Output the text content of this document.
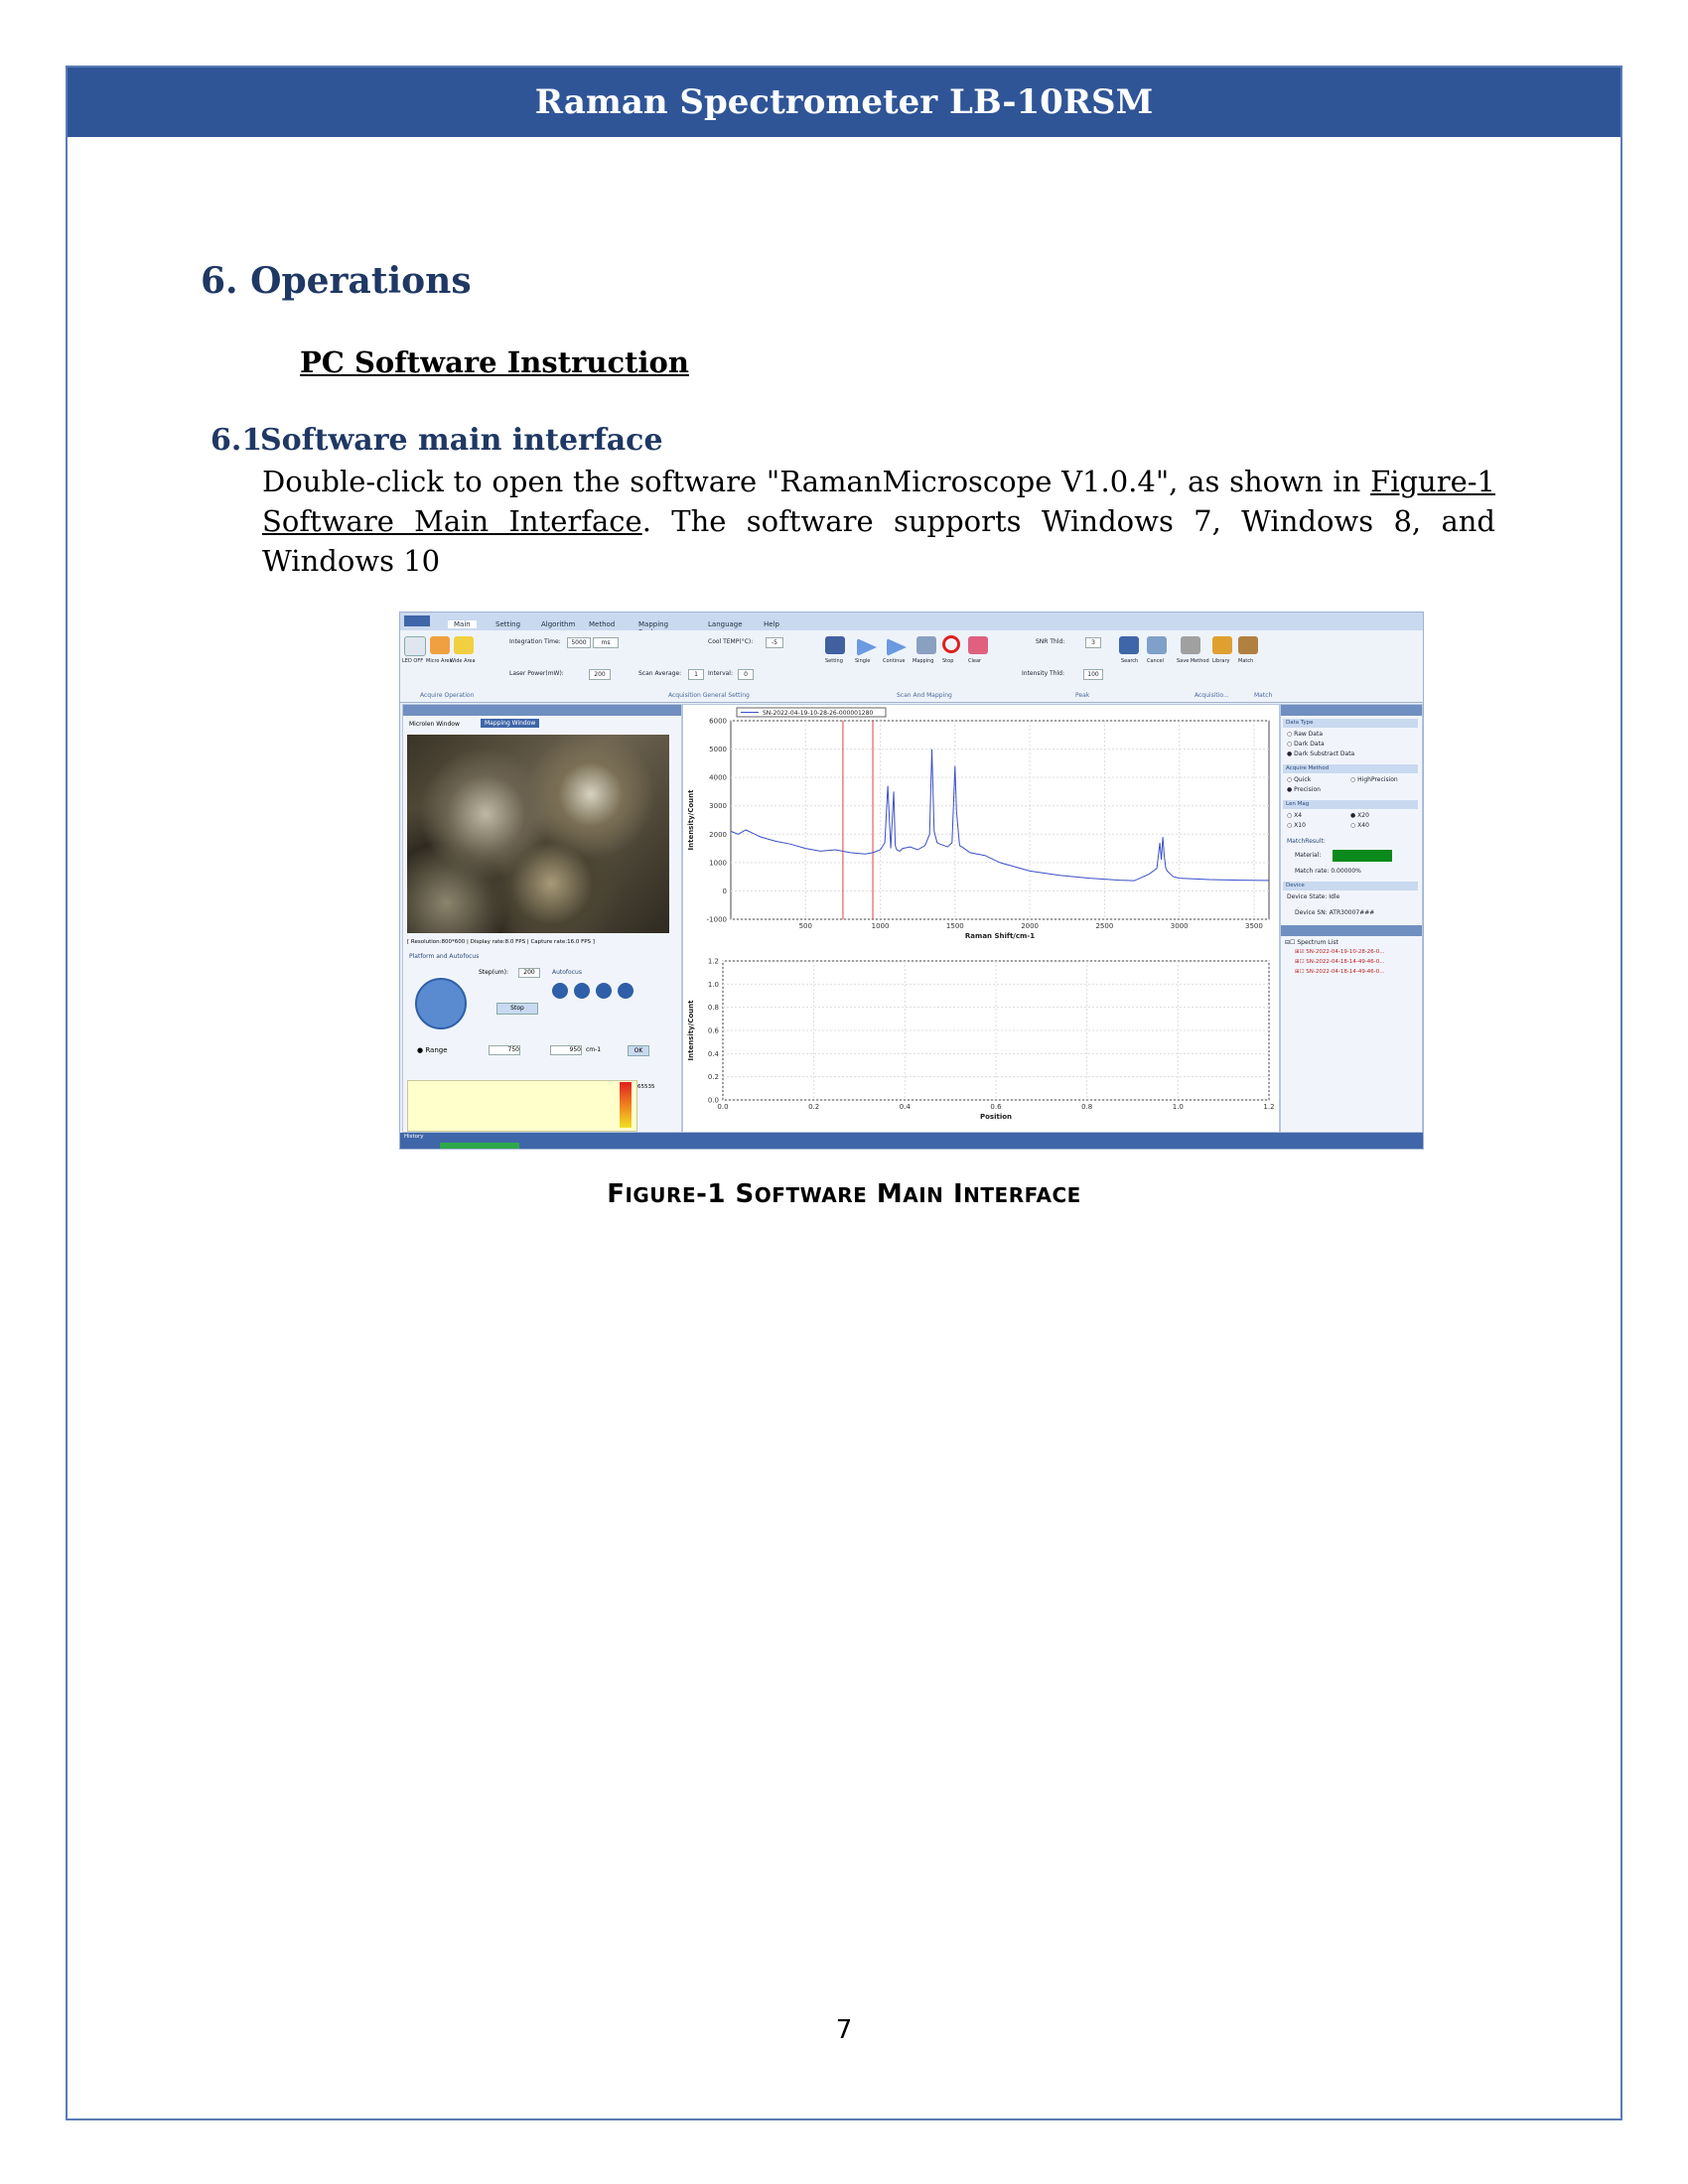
Raman Spectrometer LB-10RSM
6. Operations
PC Software Instruction
6.1Software main interface
Double-click to open the software "RamanMicroscope V1.0.4", as shown in Figure-1 Software Main Interface. The software supports Windows 7, Windows 8, and Windows 10
Main	Setting	Algorithm Method	Mapping	Language	Help
Integration Time:	5000	ms	Cool TEMP(°C):	-5
Laser Power(mW):	200	Scan Average:	1	Interval:	0
SNR Thld:	3
Intensity Thld:	100
LED OFF Micro Area
Wide Area	Setting Single	Continue Mapping Stop	Clear	Search Cancel	Save Method Library Match
Acquire Operation	Acquisition General Setting	Scan And Mapping	Peak	Acquisitio...	Match
Microlen Window	Mapping Window
[ Resolution:800*600 | Display rate:8.0 FPS | Capture rate:16.0 FPS ]
Platform and Autofocus
Step(um):	200	Autofocus
Stop
● Range	750	950 cm-1	OK
65535
500	1000	1500	2000	2500	3000	3500
-1000
0
1000
2000
3000
4000
5000
6000
Raman Shift/cm-1
Intensity/Count
SN-2022-04-19-10-28-26-000001280
0.0	0.2	0.4	0.6	0.8	1.0	1.2
0.0
0.2
0.4
0.6
0.8
1.0
1.2
Position
Intensity/Count
Data Type
○ Raw Data
○ Dark Data
● Dark Substract Data
Acquire Method
○ Quick	○ HighPrecision
● Precision
Len Mag
○ X4	● X20
○ X10	○ X40
MatchResult:
Material:
Match rate: 0.00000%
Device
Device State: Idle
Device SN: ATR30007###
⊟☐ Spectrum List
⊞☑ SN-2022-04-19-10-28-26-0...
⊞☐ SN-2022-04-18-14-49-46-0...
⊞☐ SN-2022-04-18-14-49-46-0...
History
FIGURE-1 SOFTWARE MAIN INTERFACE
7
